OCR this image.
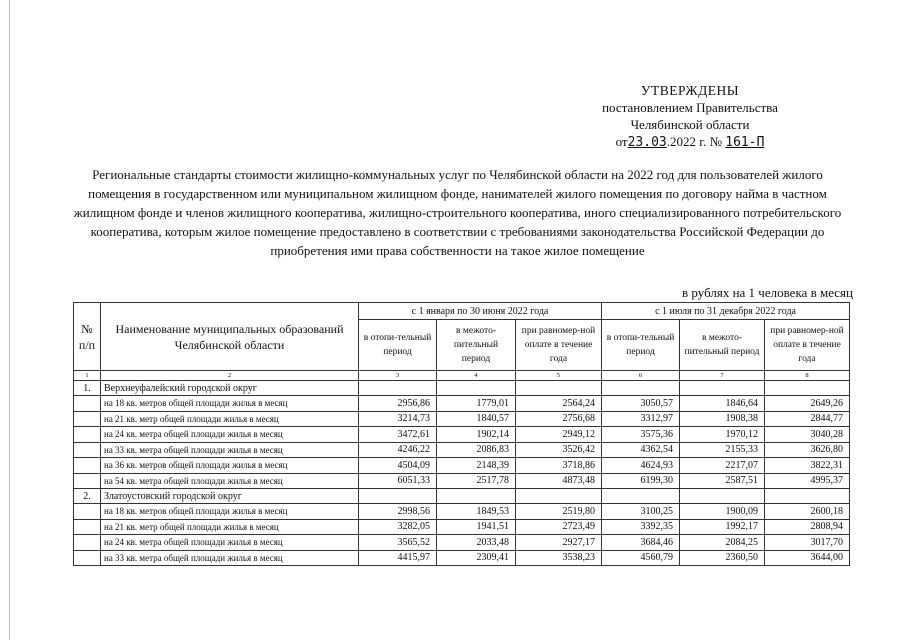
УТВЕРЖДЕНЫ
постановлением Правительства
Челябинской области
от23.03.2022 г. № 161-П
Региональные стандарты стоимости жилищно-коммунальных услуг по Челябинской области на 2022 год для пользователей жилого помещения в государственном или муниципальном жилищном фонде, нанимателей жилого помещения по договору найма в частном жилищном фонде и членов жилищного кооператива, жилищно-строительного кооператива, иного специализированного потребительского кооператива, которым жилое помещение предоставлено в соответствии с требованиями законодательства Российской Федерации до приобретения ими права собственности на такое жилое помещение
в рублях на 1 человека в месяц
№ п/п	Наименование муниципальных образований Челябинской области	с 1 января по 30 июня 2022 года			с 1 июля по 31 декабря 2022 года		
		в отопи-тельный период	в межото-пительный период	при равномер-ной оплате в течение года	в отопи-тельный период	в межото-пительный период	при равномер-ной оплате в течение года
1	2	3	4	5	6	7	8
1.	Верхнеуфалейский городской округ						
	на 18 кв. метров общей площади жилья в месяц	2956,86	1779,01	2564,24	3050,57	1846,64	2649,26
	на 21 кв. метр общей площади жилья в месяц	3214,73	1840,57	2756,68	3312,97	1908,38	2844,77
	на 24 кв. метра общей площади жилья в месяц	3472,61	1902,14	2949,12	3575,36	1970,12	3040,28
	на 33 кв. метра общей площади жилья в месяц	4246,22	2086,83	3526,42	4362,54	2155,33	3626,80
	на 36 кв. метров общей площади жилья в месяц	4504,09	2148,39	3718,86	4624,93	2217,07	3822,31
	на 54 кв. метра общей площади жилья в месяц	6051,33	2517,78	4873,48	6199,30	2587,51	4995,37
2.	Златоустовский городской округ						
	на 18 кв. метров общей площади жилья в месяц	2998,56	1849,53	2519,80	3100,25	1900,09	2600,18
	на 21 кв. метр общей площади жилья в месяц	3282,05	1941,51	2723,49	3392,35	1992,17	2808,94
	на 24 кв. метра общей площади жилья в месяц	3565,52	2033,48	2927,17	3684,46	2084,25	3017,70
	на 33 кв. метра общей площади жилья в месяц	4415,97	2309,41	3538,23	4560,79	2360,50	3644,00
